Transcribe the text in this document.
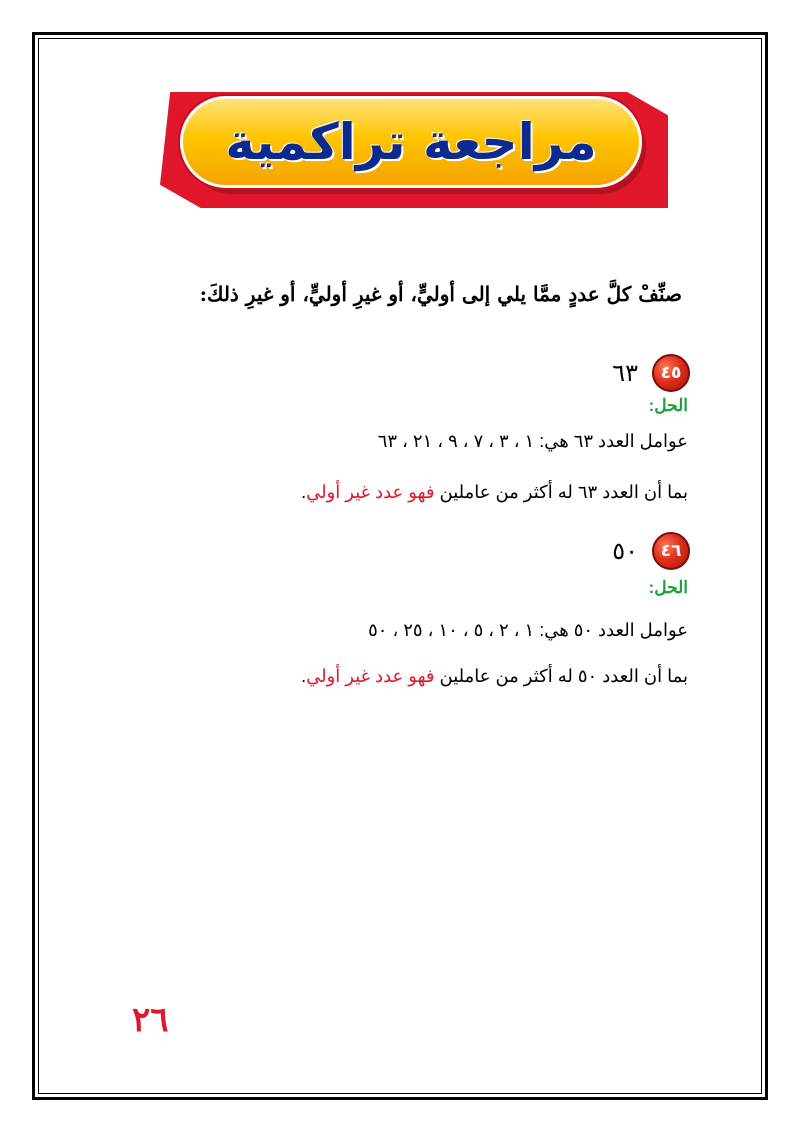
مراجعة تراكمية
صنِّفْ كلَّ عددٍ ممَّا يلي إلى أوليٍّ، أو غيرِ أوليٍّ، أو غيرِ ذلكَ:
٤٥
٦٣
الحل:
عوامل العدد ٦٣ هي: ١ ، ٣ ، ٧ ، ٩ ، ٢١ ، ٦٣
بما أن العدد ٦٣ له أكثر من عاملين فهو عدد غير أولي.
٤٦
٥٠
الحل:
عوامل العدد ٥٠ هي: ١ ، ٢ ، ٥ ، ١٠ ، ٢٥ ، ٥٠
بما أن العدد ٥٠ له أكثر من عاملين فهو عدد غير أولي.
٢٦
